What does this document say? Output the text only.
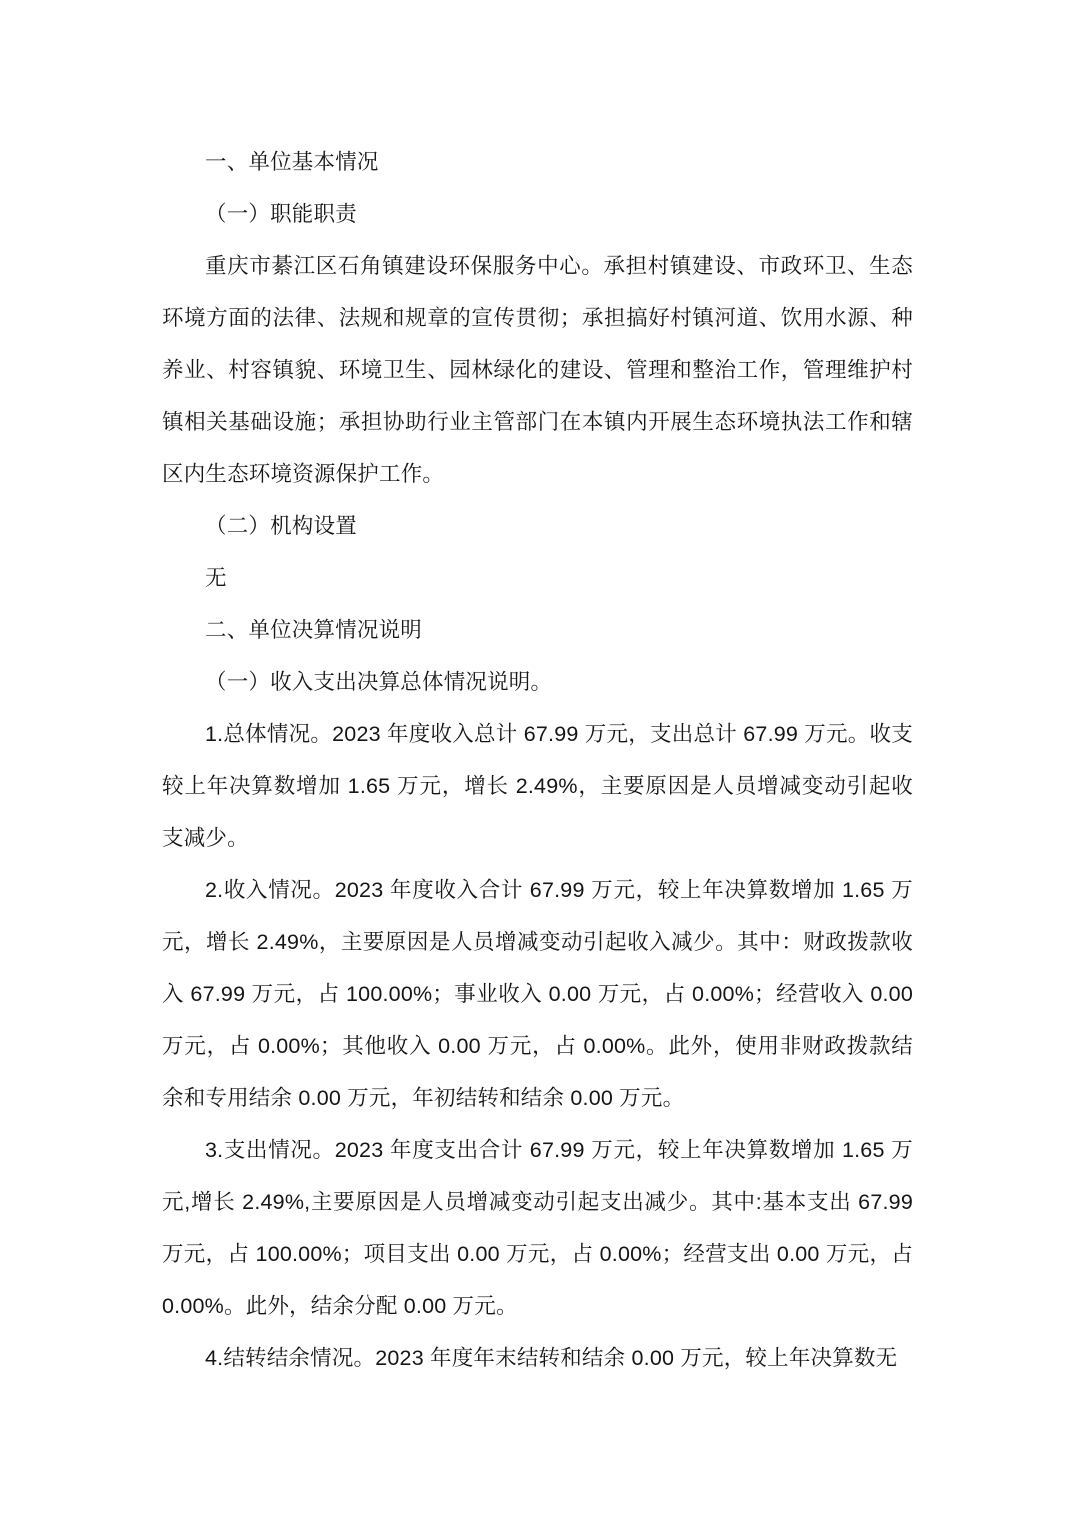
一、单位基本情况

（一）职能职责

重庆市綦江区石角镇建设环保服务中心。承担村镇建设、市政环卫、生态环境方面的法律、法规和规章的宣传贯彻；承担搞好村镇河道、饮用水源、种养业、村容镇貌、环境卫生、园林绿化的建设、管理和整治工作，管理维护村镇相关基础设施；承担协助行业主管部门在本镇内开展生态环境执法工作和辖区内生态环境资源保护工作。

（二）机构设置

无

二、单位决算情况说明

（一）收入支出决算总体情况说明。

1.总体情况。2023 年度收入总计 67.99 万元，支出总计 67.99 万元。收支较上年决算数增加 1.65 万元，增长 2.49%，主要原因是人员增减变动引起收支减少。

2.收入情况。2023 年度收入合计 67.99 万元，较上年决算数增加 1.65 万元，增长 2.49%，主要原因是人员增减变动引起收入减少。其中：财政拨款收入 67.99 万元，占 100.00%；事业收入 0.00 万元，占 0.00%；经营收入 0.00 万元，占 0.00%；其他收入 0.00 万元，占 0.00%。此外，使用非财政拨款结余和专用结余 0.00 万元，年初结转和结余 0.00 万元。

3.支出情况。2023 年度支出合计 67.99 万元，较上年决算数增加 1.65 万元,增长 2.49%,主要原因是人员增减变动引起支出减少。其中:基本支出 67.99 万元，占 100.00%；项目支出 0.00 万元，占 0.00%；经营支出 0.00 万元，占 0.00%。此外，结余分配 0.00 万元。

4.结转结余情况。2023 年度年末结转和结余 0.00 万元，较上年决算数无
